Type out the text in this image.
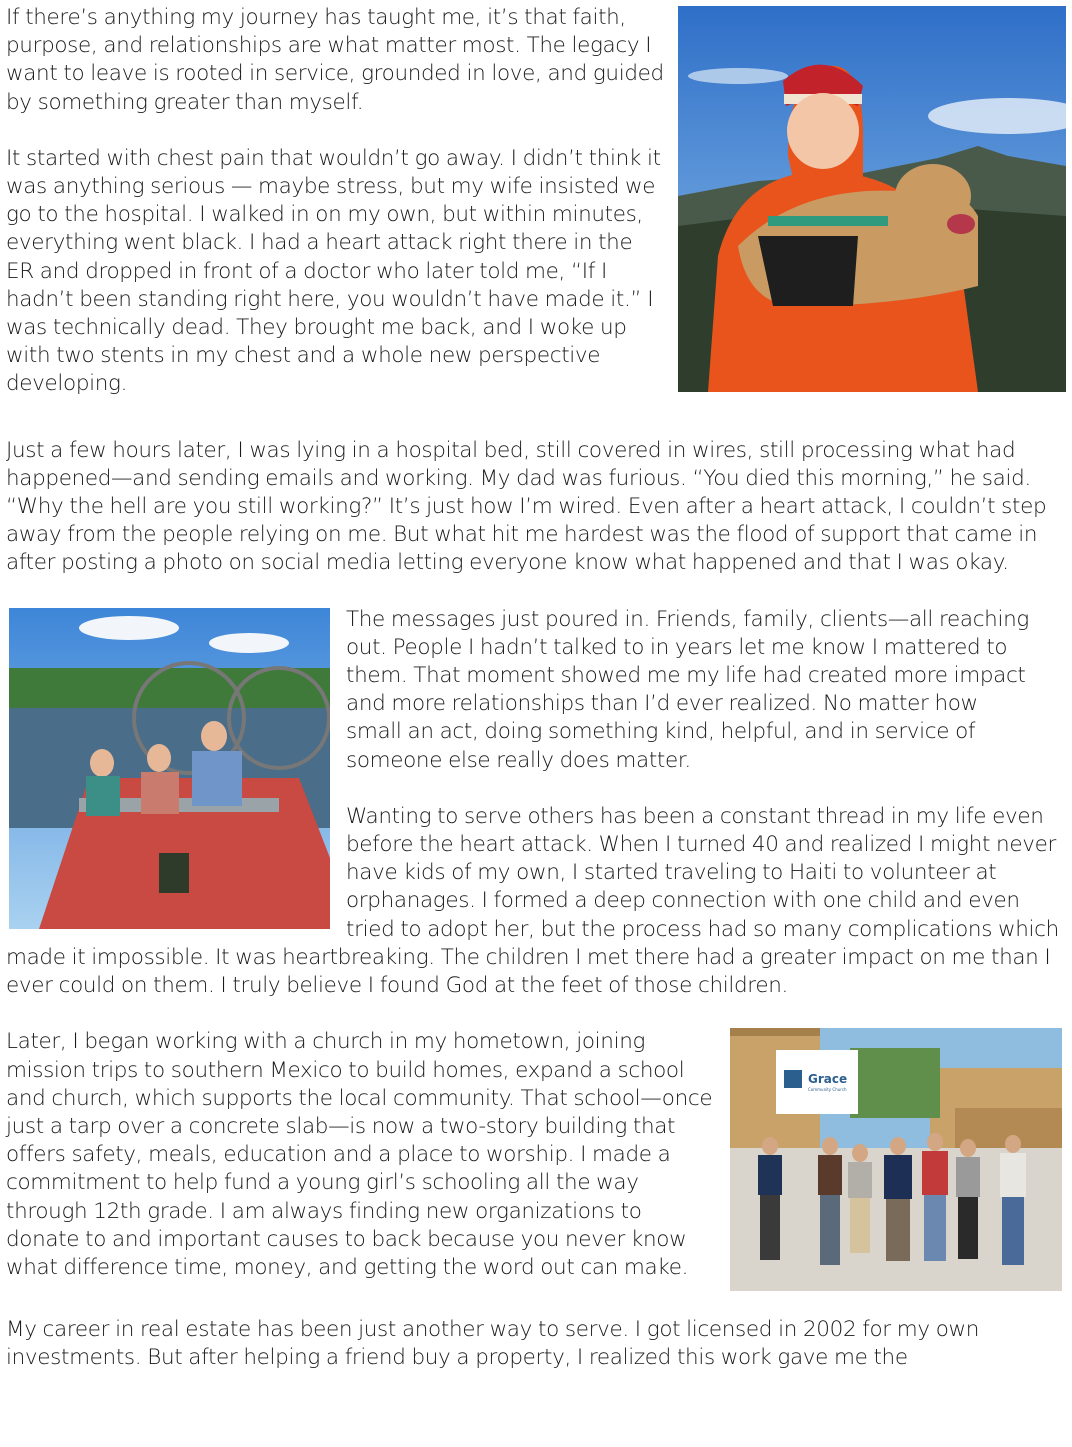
If there’s anything my journey has taught me, it’s that faith, purpose, and relationships are what matter most. The legacy I want to leave is rooted in service, grounded in love, and guided by something greater than myself.

It started with chest pain that wouldn’t go away. I didn’t think it was anything serious — maybe stress, but my wife insisted we go to the hospital. I walked in on my own, but within minutes, everything went black. I had a heart attack right there in the ER and dropped in front of a doctor who later told me, “If I hadn’t been standing right here, you wouldn’t have made it.” I was technically dead. They brought me back, and I woke up with two stents in my chest and a whole new perspective developing.

Just a few hours later, I was lying in a hospital bed, still covered in wires, still processing what had happened—and sending emails and working. My dad was furious. “You died this morning,” he said. “Why the hell are you still working?” It’s just how I’m wired. Even after a heart attack, I couldn’t step away from the people relying on me. But what hit me hardest was the flood of support that came in after posting a photo on social media letting everyone know what happened and that I was okay.

The messages just poured in. Friends, family, clients—all reaching out. People I hadn’t talked to in years let me know I mattered to them. That moment showed me my life had created more impact and more relationships than I’d ever realized. No matter how small an act, doing something kind, helpful, and in service of someone else really does matter.

Wanting to serve others has been a constant thread in my life even before the heart attack. When I turned 40 and realized I might never have kids of my own, I started traveling to Haiti to volunteer at orphanages. I formed a deep connection with one child and even tried to adopt her, but the process had so many complications which made it impossible. It was heartbreaking. The children I met there had a greater impact on me than I ever could on them. I truly believe I found God at the feet of those children.

Grace
Community Church

Later, I began working with a church in my hometown, joining mission trips to southern Mexico to build homes, expand a school and church, which supports the local community. That school—once just a tarp over a concrete slab—is now a two-story building that offers safety, meals, education and a place to worship. I made a commitment to help fund a young girl’s schooling all the way through 12th grade. I am always finding new organizations to donate to and important causes to back because you never know what difference time, money, and getting the word out can make.

My career in real estate has been just another way to serve. I got licensed in 2002 for my own investments. But after helping a friend buy a property, I realized this work gave me the
